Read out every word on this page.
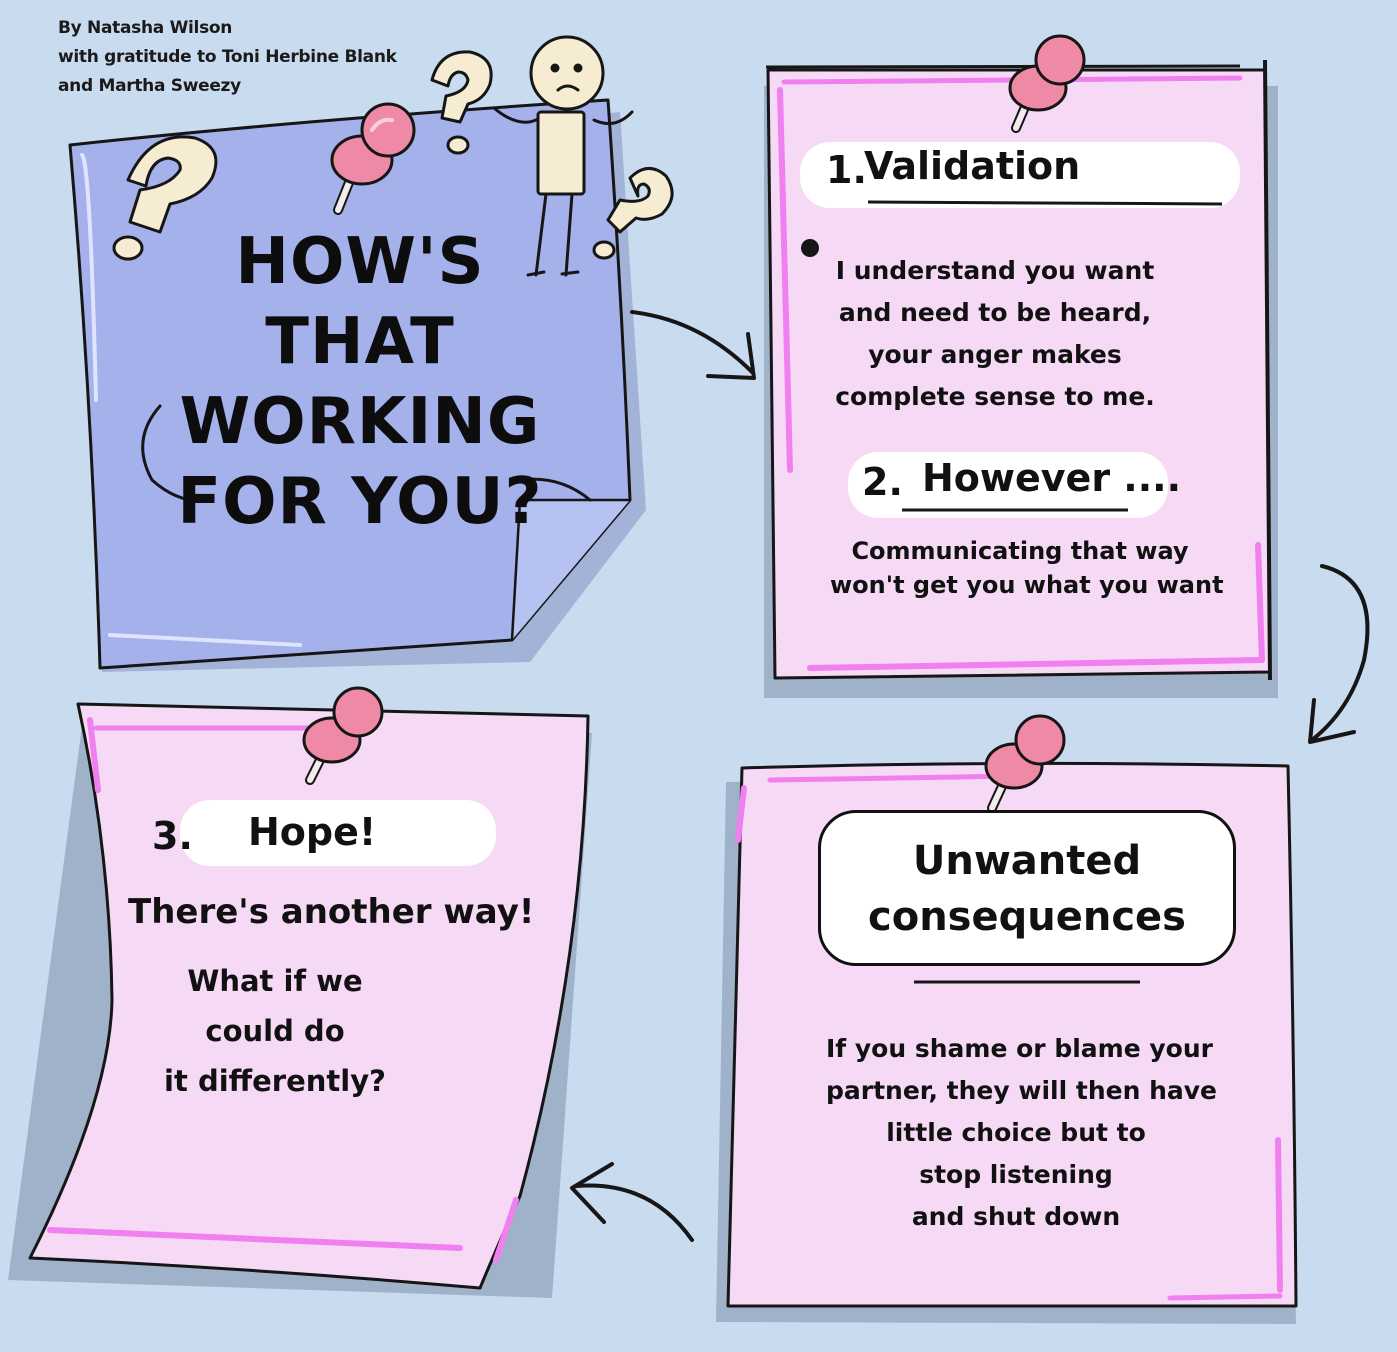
By Natasha Wilson
with gratitude to Toni Herbine Blank
and Martha Sweezy
HOW'S
THAT
WORKING
FOR YOU?
1.
Validation
I understand you want
and need to be heard,
your anger makes
complete sense to me.
2. However ....
Communicating that way
won't get you what you want
Unwanted
consequences
If you shame or blame your
partner, they will then have
little choice but to
stop listening
and shut down
3. Hope!
There's another way!
What if we
could do
it differently?
